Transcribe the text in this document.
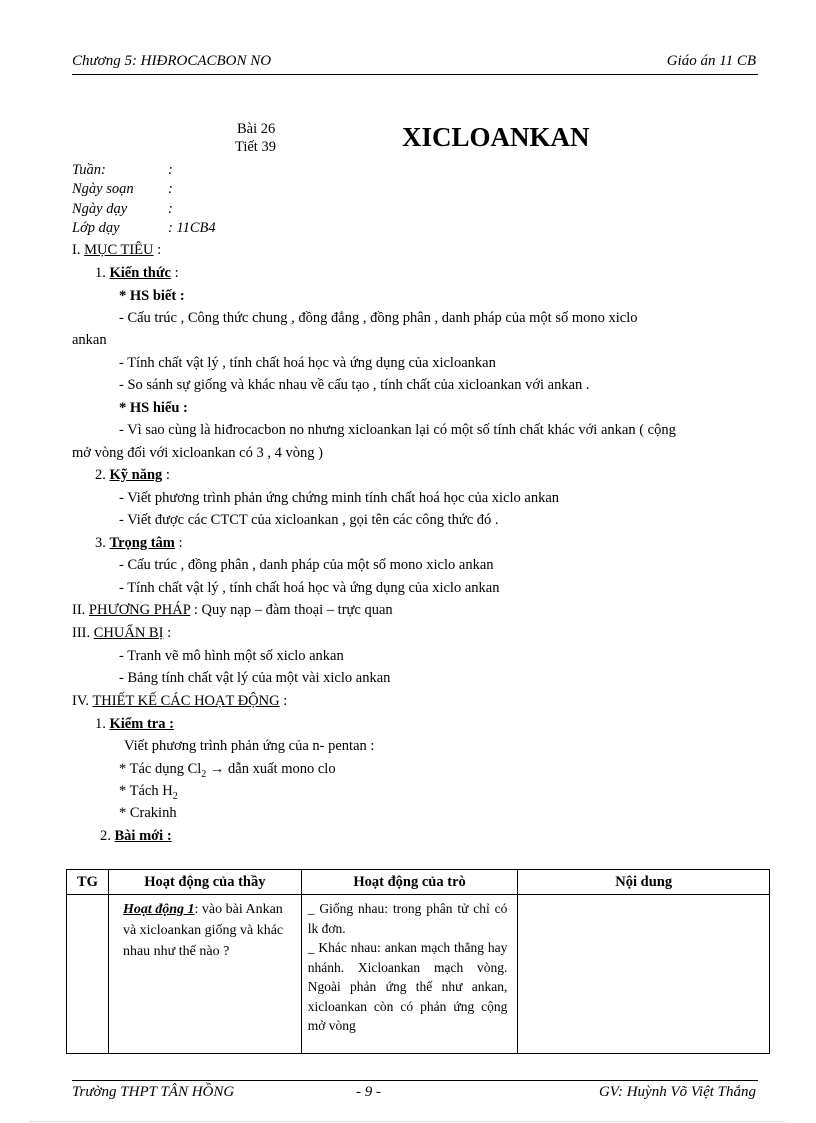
Chương 5: HIĐROCACBON NO	Giáo án 11 CB
Bài 26
Tiết 39	XICLOANKAN
Tuần:	:
Ngày soạn :
Ngày dạy	:
Lớp dạy	: 11CB4
I. MỤC TIÊU :
1. Kiến thức :
* HS biết :
- Cấu trúc , Công thức chung , đồng đẳng , đồng phân , danh pháp của một số mono xiclo
ankan
- Tính chất vật lý , tính chất hoá học và ứng dụng của xicloankan
- So sánh sự giống và khác nhau về cấu tạo , tính chất của xicloankan với ankan .
* HS hiểu :
- Vì sao cùng là hiđrocacbon no nhưng xicloankan lại có một số tính chất khác với ankan ( cộng
mở vòng đối với xicloankan có 3 , 4 vòng )
2. Kỹ năng :
- Viết phương trình phản ứng chứng minh tính chất hoá học của xiclo ankan
- Viết được các CTCT của xicloankan , gọi tên các công thức đó .
3. Trọng tâm :
- Cấu trúc , đồng phân , danh pháp của một số mono xiclo ankan
- Tính chất vật lý , tính chất hoá học và ứng dụng của xiclo ankan
II. PHƯƠNG PHÁP : Quy nạp – đàm thoại – trực quan
III. CHUẨN BỊ :
- Tranh vẽ mô hình một số xiclo ankan
- Bảng tính chất vật lý của một vài xiclo ankan
IV. THIẾT KẾ CÁC HOẠT ĐỘNG :
1. Kiểm tra :
Viết phương trình phản ứng của n- pentan :
* Tác dụng $Cl_2$ → dẫn xuất mono clo
* Tách $H_2$
* Crakinh
2. Bài mới :
TG	Hoạt động của thầy	Hoạt động của trò	Nội dung

	Hoạt động 1: vào bài Ankan và xicloankan giống và khác nhau như thế nào ?	_ Giống nhau: trong phân tử chỉ có lk đơn.
_ Khác nhau: ankan mạch thẳng hay nhánh. Xicloankan mạch vòng. Ngoài phản ứng thế như ankan, xicloankan còn có phản ứng cộng mở vòng	

Trường THPT TÂN HỒNG	- 9 -	GV: Huỳnh Võ Việt Thắng
